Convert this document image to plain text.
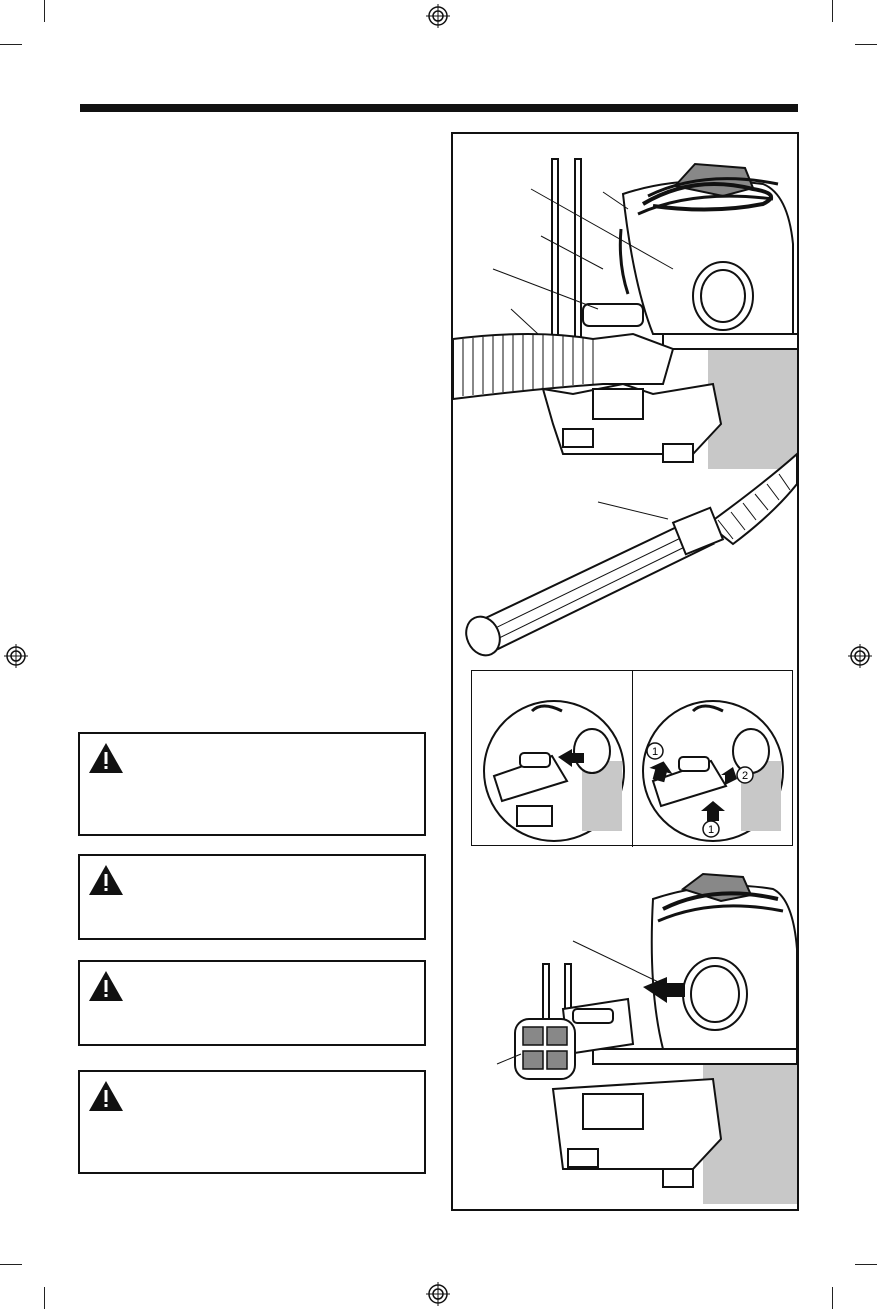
1
2
1
